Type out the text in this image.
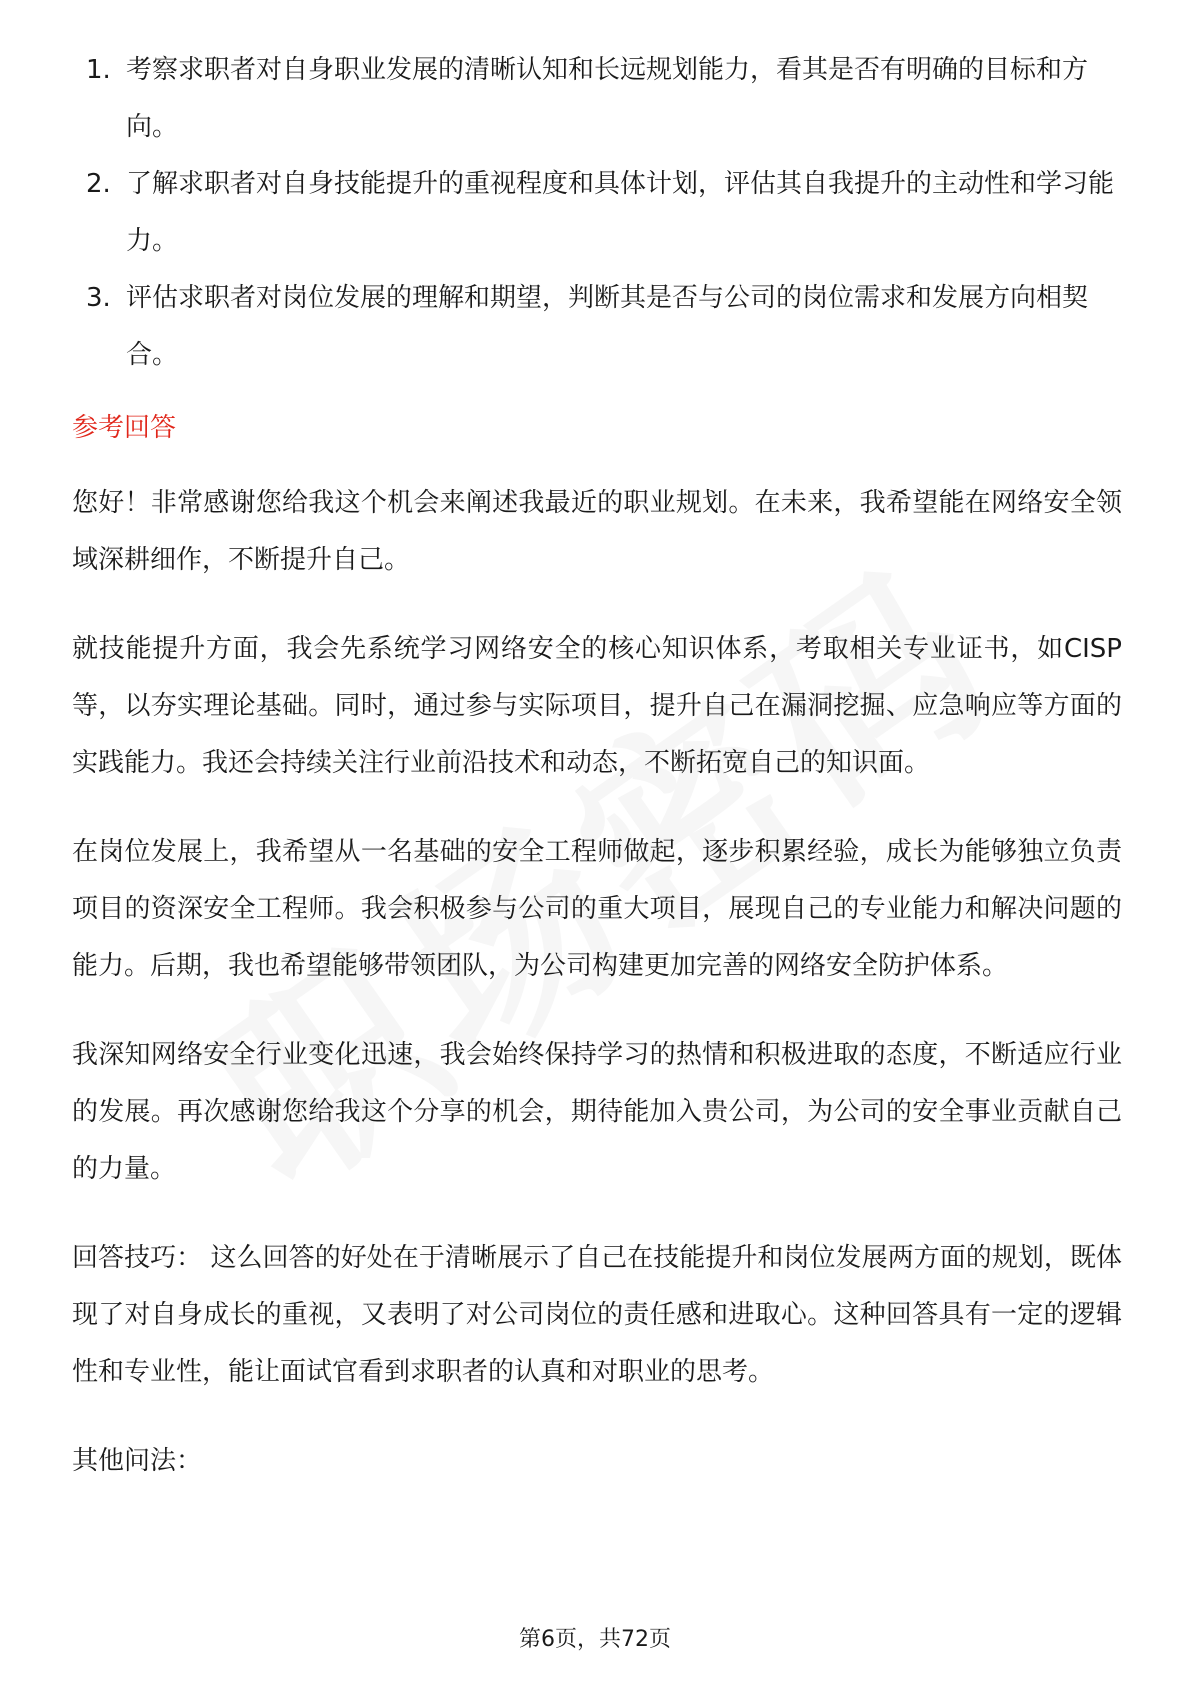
1. 考察求职者对自身职业发展的清晰认知和长远规划能力，看其是否有明确的目标和方向。
2. 了解求职者对自身技能提升的重视程度和具体计划，评估其自我提升的主动性和学习能力。
3. 评估求职者对岗位发展的理解和期望，判断其是否与公司的岗位需求和发展方向相契合。
参考回答

您好！非常感谢您给我这个机会来阐述我最近的职业规划。在未来，我希望能在网络安全领域深耕细作，不断提升自己。

就技能提升方面，我会先系统学习网络安全的核心知识体系，考取相关专业证书，如CISP等，以夯实理论基础。同时，通过参与实际项目，提升自己在漏洞挖掘、应急响应等方面的实践能力。我还会持续关注行业前沿技术和动态，不断拓宽自己的知识面。

在岗位发展上，我希望从一名基础的安全工程师做起，逐步积累经验，成长为能够独立负责项目的资深安全工程师。我会积极参与公司的重大项目，展现自己的专业能力和解决问题的能力。后期，我也希望能够带领团队，为公司构建更加完善的网络安全防护体系。

我深知网络安全行业变化迅速，我会始终保持学习的热情和积极进取的态度，不断适应行业的发展。再次感谢您给我这个分享的机会，期待能加入贵公司，为公司的安全事业贡献自己的力量。

回答技巧： 这么回答的好处在于清晰展示了自己在技能提升和岗位发展两方面的规划，既体现了对自身成长的重视，又表明了对公司岗位的责任感和进取心。这种回答具有一定的逻辑性和专业性，能让面试官看到求职者的认真和对职业的思考。

其他问法：

第6页，共72页
